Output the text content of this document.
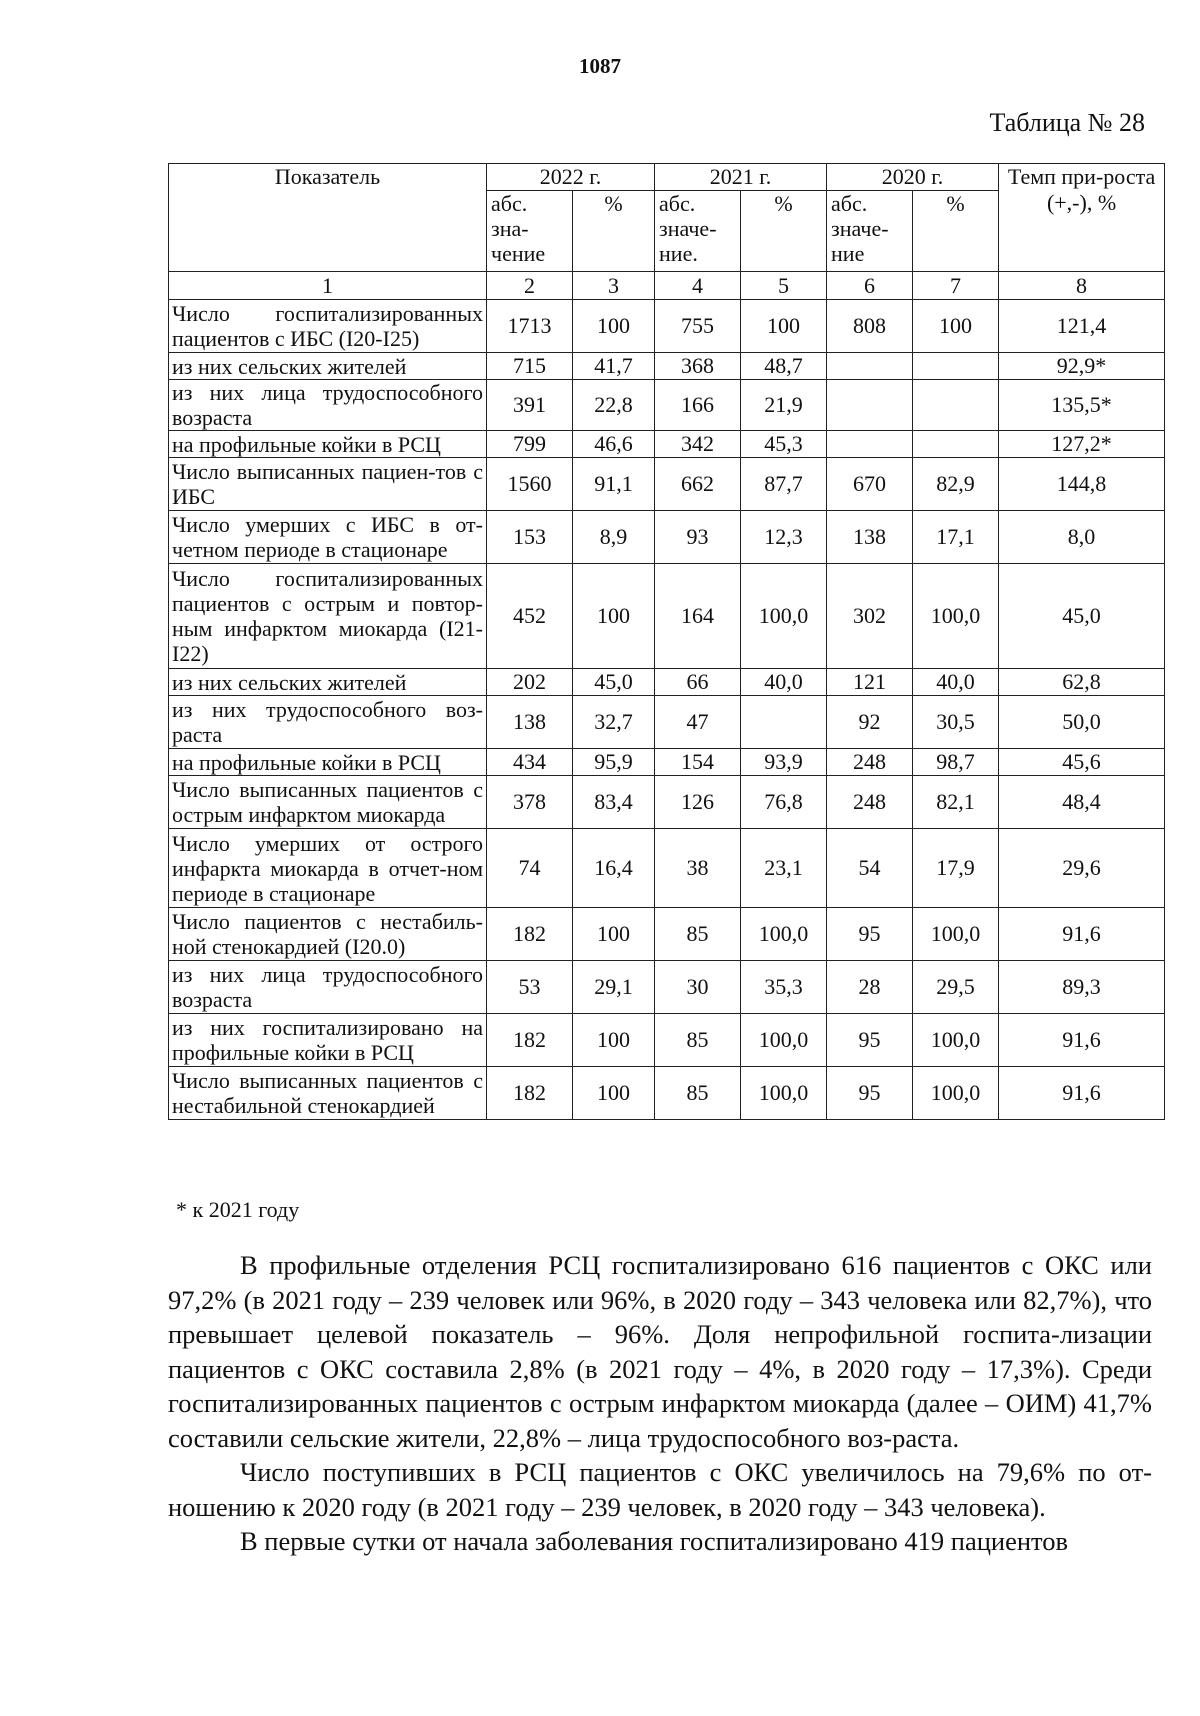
1087
Таблица № 28
Показатель	2022 г.		2021 г.		2020 г.		Темп при-роста (+,-), %
	абс. зна-чение	%	абс. значе-ние.	%	абс. значе-ние	%	
1	2	3	4	5	6	7	8
Число госпитализированных пациентов с ИБС (I20-I25)	1713	100	755	100	808	100	121,4
из них сельских жителей	715	41,7	368	48,7			92,9*
из них лица трудоспособного возраста	391	22,8	166	21,9			135,5*
на профильные койки в РСЦ	799	46,6	342	45,3			127,2*
Число выписанных пациен-тов с ИБС	1560	91,1	662	87,7	670	82,9	144,8
Число умерших с ИБС в от-четном периоде в стационаре	153	8,9	93	12,3	138	17,1	8,0
Число госпитализированных пациентов с острым и повтор-ным инфарктом миокарда (I21-I22)	452	100	164	100,0	302	100,0	45,0
из них сельских жителей	202	45,0	66	40,0	121	40,0	62,8
из них трудоспособного воз-раста	138	32,7	47		92	30,5	50,0
на профильные койки в РСЦ	434	95,9	154	93,9	248	98,7	45,6
Число выписанных пациентов с острым инфарктом миокарда	378	83,4	126	76,8	248	82,1	48,4
Число умерших от острого инфаркта миокарда в отчет-ном периоде в стационаре	74	16,4	38	23,1	54	17,9	29,6
Число пациентов с нестабиль-ной стенокардией (I20.0)	182	100	85	100,0	95	100,0	91,6
из них лица трудоспособного возраста	53	29,1	30	35,3	28	29,5	89,3
из них госпитализировано на профильные койки в РСЦ	182	100	85	100,0	95	100,0	91,6
Число выписанных пациентов с нестабильной стенокардией	182	100	85	100,0	95	100,0	91,6
* к 2021 году

В профильные отделения РСЦ госпитализировано 616 пациентов с ОКС или 97,2% (в 2021 году – 239 человек или 96%, в 2020 году – 343 человека или 82,7%), что превышает целевой показатель – 96%. Доля непрофильной госпита-лизации пациентов с ОКС составила 2,8% (в 2021 году – 4%, в 2020 году – 17,3%). Среди госпитализированных пациентов с острым инфарктом миокарда (далее – ОИМ) 41,7% составили сельские жители, 22,8% – лица трудоспособного воз-раста.

Число поступивших в РСЦ пациентов с ОКС увеличилось на 79,6% по от-ношению к 2020 году (в 2021 году – 239 человек, в 2020 году – 343 человека).

В первые сутки от начала заболевания госпитализировано 419 пациентов
